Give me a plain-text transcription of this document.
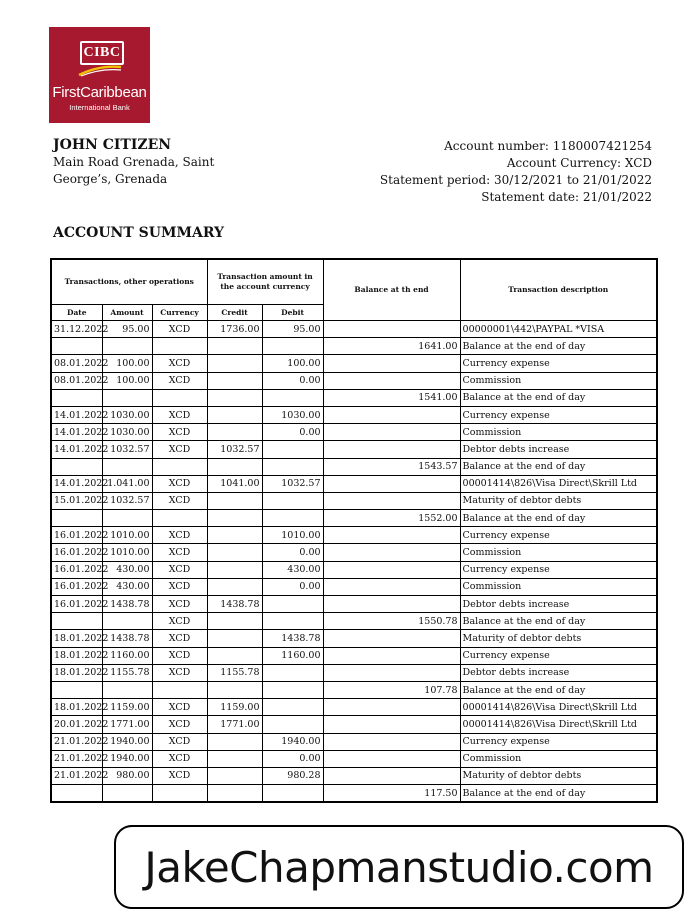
CIBC
FirstCaribbean
International Bank
JOHN CITIZEN
Main Road Grenada, Saint
George’s, Grenada
Account number: 1180007421254
Account Currency: XCD
Statement period: 30/12/2021 to 21/01/2022
Statement date: 21/01/2022
ACCOUNT SUMMARY
Transactions, other operations			Transaction amount in the account currency		Balance at th end	Transaction description
Date	Amount	Currency	Credit	Debit		
31.12.2022	95.00	XCD	1736.00	95.00		00000001\442\PAYPAL *VISA
					1641.00	Balance at the end of day
08.01.2022	100.00	XCD		100.00		Currency expense
08.01.2022	100.00	XCD		0.00		Commission
					1541.00	Balance at the end of day
14.01.2022	1030.00	XCD		1030.00		Currency expense
14.01.2022	1030.00	XCD		0.00		Commission
14.01.2022	1032.57	XCD	1032.57			Debtor debts increase
					1543.57	Balance at the end of day
14.01.2022	1.041.00	XCD	1041.00	1032.57		00001414\826\Visa Direct\Skrill Ltd
15.01.2022	1032.57	XCD				Maturity of debtor debts
					1552.00	Balance at the end of day
16.01.2022	1010.00	XCD		1010.00		Currency expense
16.01.2022	1010.00	XCD		0.00		Commission
16.01.2022	430.00	XCD		430.00		Currency expense
16.01.2022	430.00	XCD		0.00		Commission
16.01.2022	1438.78	XCD	1438.78			Debtor debts increase
		XCD			1550.78	Balance at the end of day
18.01.2022	1438.78	XCD		1438.78		Maturity of debtor debts
18.01.2022	1160.00	XCD		1160.00		Currency expense
18.01.2022	1155.78	XCD	1155.78			Debtor debts increase
					107.78	Balance at the end of day
18.01.2022	1159.00	XCD	1159.00			00001414\826\Visa Direct\Skrill Ltd
20.01.2022	1771.00	XCD	1771.00			00001414\826\Visa Direct\Skrill Ltd
21.01.2022	1940.00	XCD		1940.00		Currency expense
21.01.2022	1940.00	XCD		0.00		Commission
21.01.2022	980.00	XCD		980.28		Maturity of debtor debts
					117.50	Balance at the end of day
JakeChapmanstudio.com
